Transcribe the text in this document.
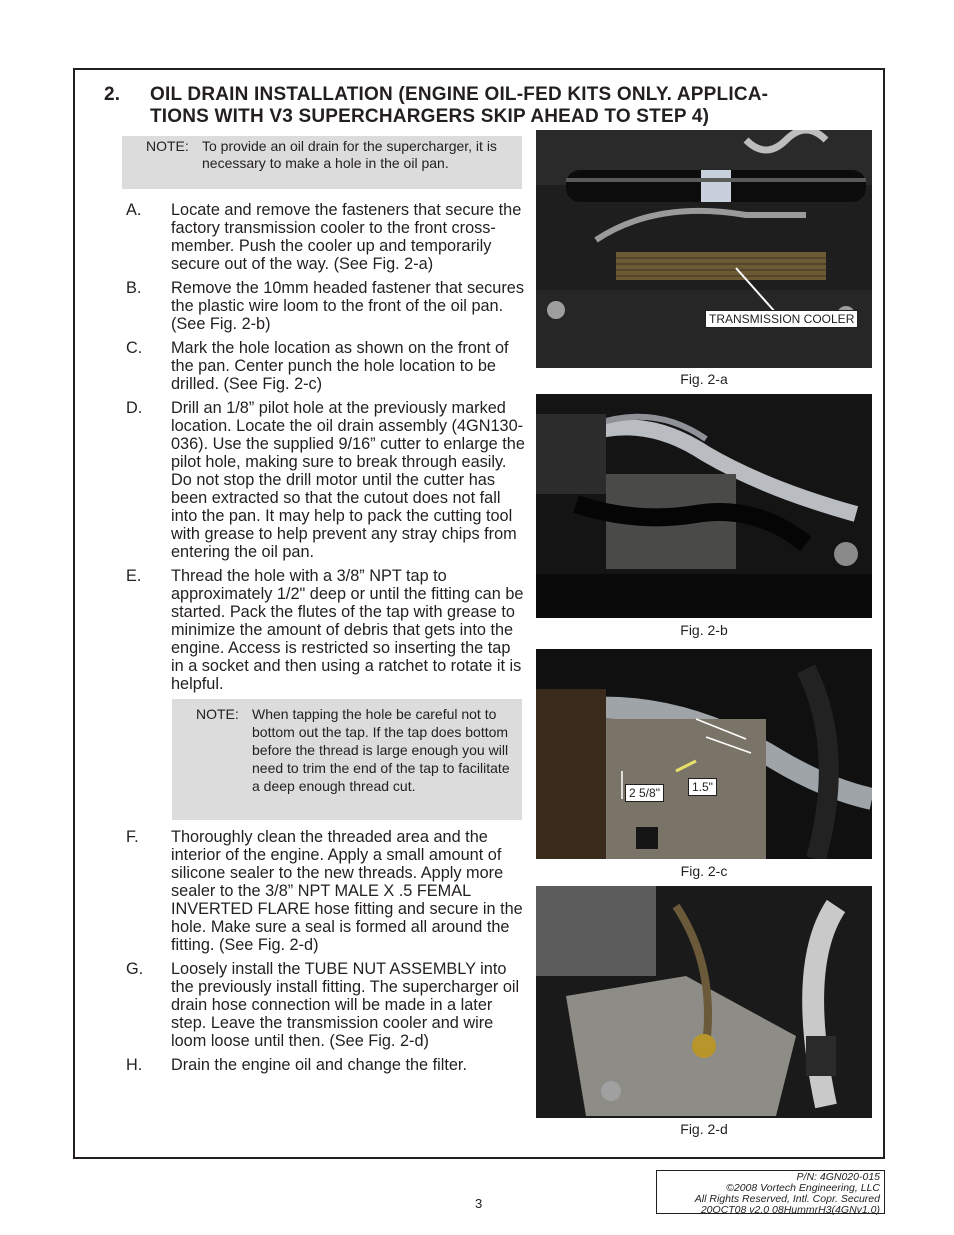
2. OIL DRAIN INSTALLATION (ENGINE OIL-FED KITS ONLY. APPLICA-
TIONS WITH V3 SUPERCHARGERS SKIP AHEAD TO STEP 4)
NOTE: To provide an oil drain for the supercharger, it is necessary to make a hole in the oil pan.
A. Locate and remove the fasteners that secure the factory transmission cooler to the front cross-member. Push the cooler up and temporarily secure out of the way. (See Fig. 2-a)
B. Remove the 10mm headed fastener that secures the plastic wire loom to the front of the oil pan. (See Fig. 2-b)
C. Mark the hole location as shown on the front of the pan. Center punch the hole location to be drilled. (See Fig. 2-c)
D. Drill an 1/8” pilot hole at the previously marked location. Locate the oil drain assembly (4GN130-036). Use the supplied 9/16” cutter to enlarge the pilot hole, making sure to break through easily. Do not stop the drill motor until the cutter has been extracted so that the cutout does not fall into the pan. It may help to pack the cutting tool with grease to help prevent any stray chips from entering the oil pan.
E. Thread the hole with a 3/8” NPT tap to approximately 1/2" deep or until the fitting can be started. Pack the flutes of the tap with grease to minimize the amount of debris that gets into the engine. Access is restricted so inserting the tap in a socket and then using a ratchet to rotate it is helpful.
NOTE: When tapping the hole be careful not to bottom out the tap. If the tap does bottom before the thread is large enough you will need to trim the end of the tap to facilitate a deep enough thread cut.
F. Thoroughly clean the threaded area and the interior of the engine. Apply a small amount of silicone sealer to the new threads. Apply more sealer to the 3/8” NPT MALE X .5 FEMAL INVERTED FLARE hose fitting and secure in the hole. Make sure a seal is formed all around the fitting. (See Fig. 2-d)
G. Loosely install the TUBE NUT ASSEMBLY into the previously install fitting. The supercharger oil drain hose connection will be made in a later step. Leave the transmission cooler and wire loom loose until then. (See Fig. 2-d)
H. Drain the engine oil and change the filter.
TRANSMISSION COOLER
Fig. 2-a
Fig. 2-b
2 5/8"	1.5"
Fig. 2-c
Fig. 2-d
3
P/N: 4GN020-015
©2008 Vortech Engineering, LLC
All Rights Reserved, Intl. Copr. Secured
20OCT08 v2.0 08HummrH3(4GNv1.0)
